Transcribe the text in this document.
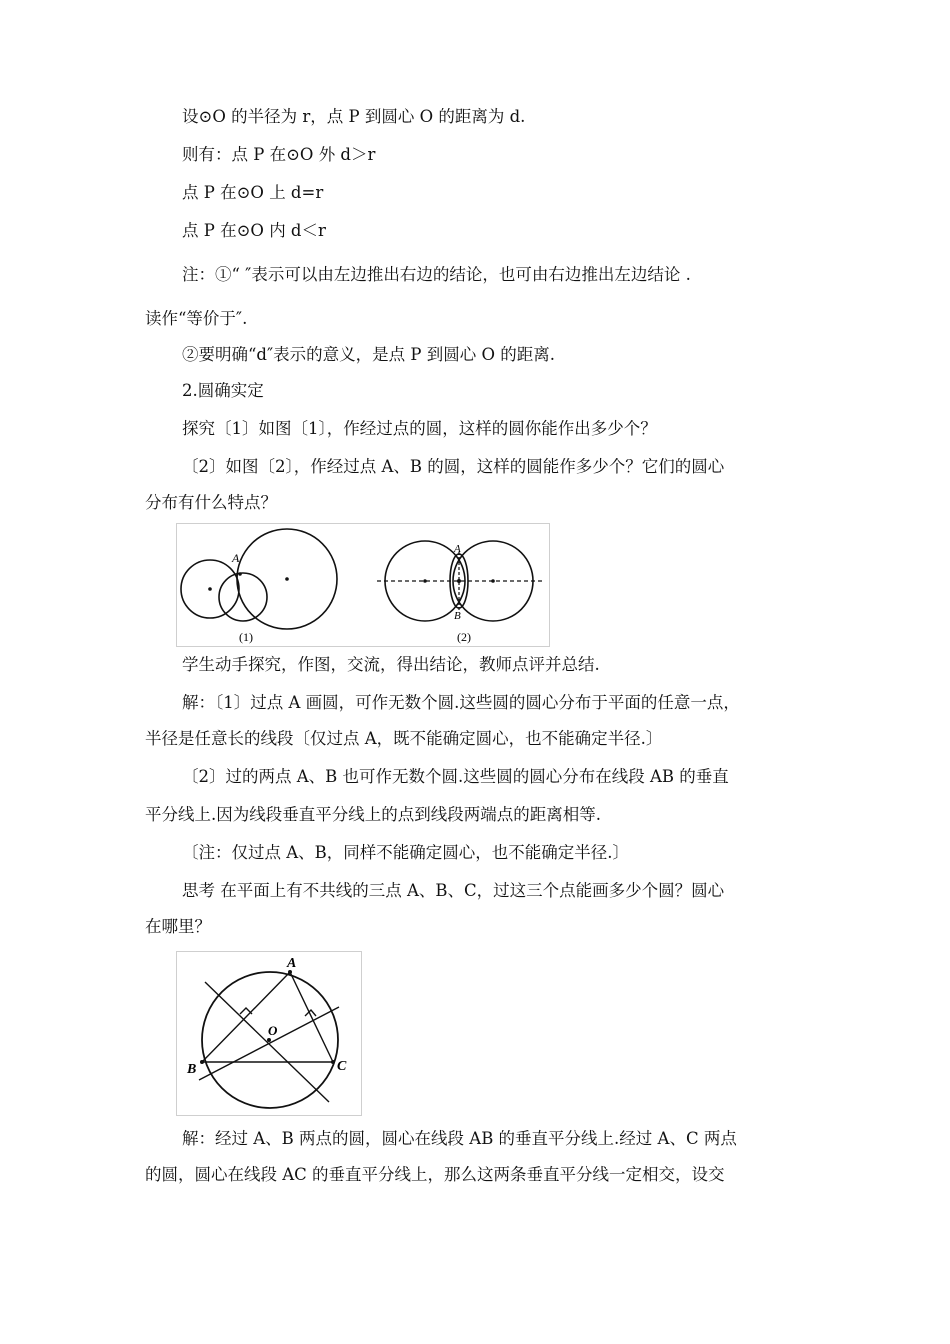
设⊙O 的半径为 r，点 P 到圆心 O 的距离为 d.
则有：点 P 在⊙O 外 d＞r
点 P 在⊙O 上 d=r
点 P 在⊙O 内 d＜r
注：①“ ″表示可以由左边推出右边的结论，也可由右边推出左边结论 .
读作“等价于″.
②要明确“d″表示的意义，是点 P 到圆心 O 的距离.
2.圆确实定
探究〔1〕如图〔1〕，作经过点的圆，这样的圆你能作出多少个？
〔2〕如图〔2〕，作经过点 A、B 的圆，这样的圆能作多少个？它们的圆心
分布有什么特点？
A
(1)
A
B
(2)
学生动手探究，作图，交流，得出结论，教师点评并总结.
解：〔1〕过点 A 画圆，可作无数个圆.这些圆的圆心分布于平面的任意一点，
半径是任意长的线段〔仅过点 A，既不能确定圆心，也不能确定半径.〕
〔2〕过的两点 A、B 也可作无数个圆.这些圆的圆心分布在线段 AB 的垂直
平分线上.因为线段垂直平分线上的点到线段两端点的距离相等.
〔注：仅过点 A、B，同样不能确定圆心，也不能确定半径.〕
思考 在平面上有不共线的三点 A、B、C，过这三个点能画多少个圆？圆心
在哪里？
A
B	C
O
解：经过 A、B 两点的圆，圆心在线段 AB 的垂直平分线上.经过 A、C 两点
的圆，圆心在线段 AC 的垂直平分线上，那么这两条垂直平分线一定相交，设交
